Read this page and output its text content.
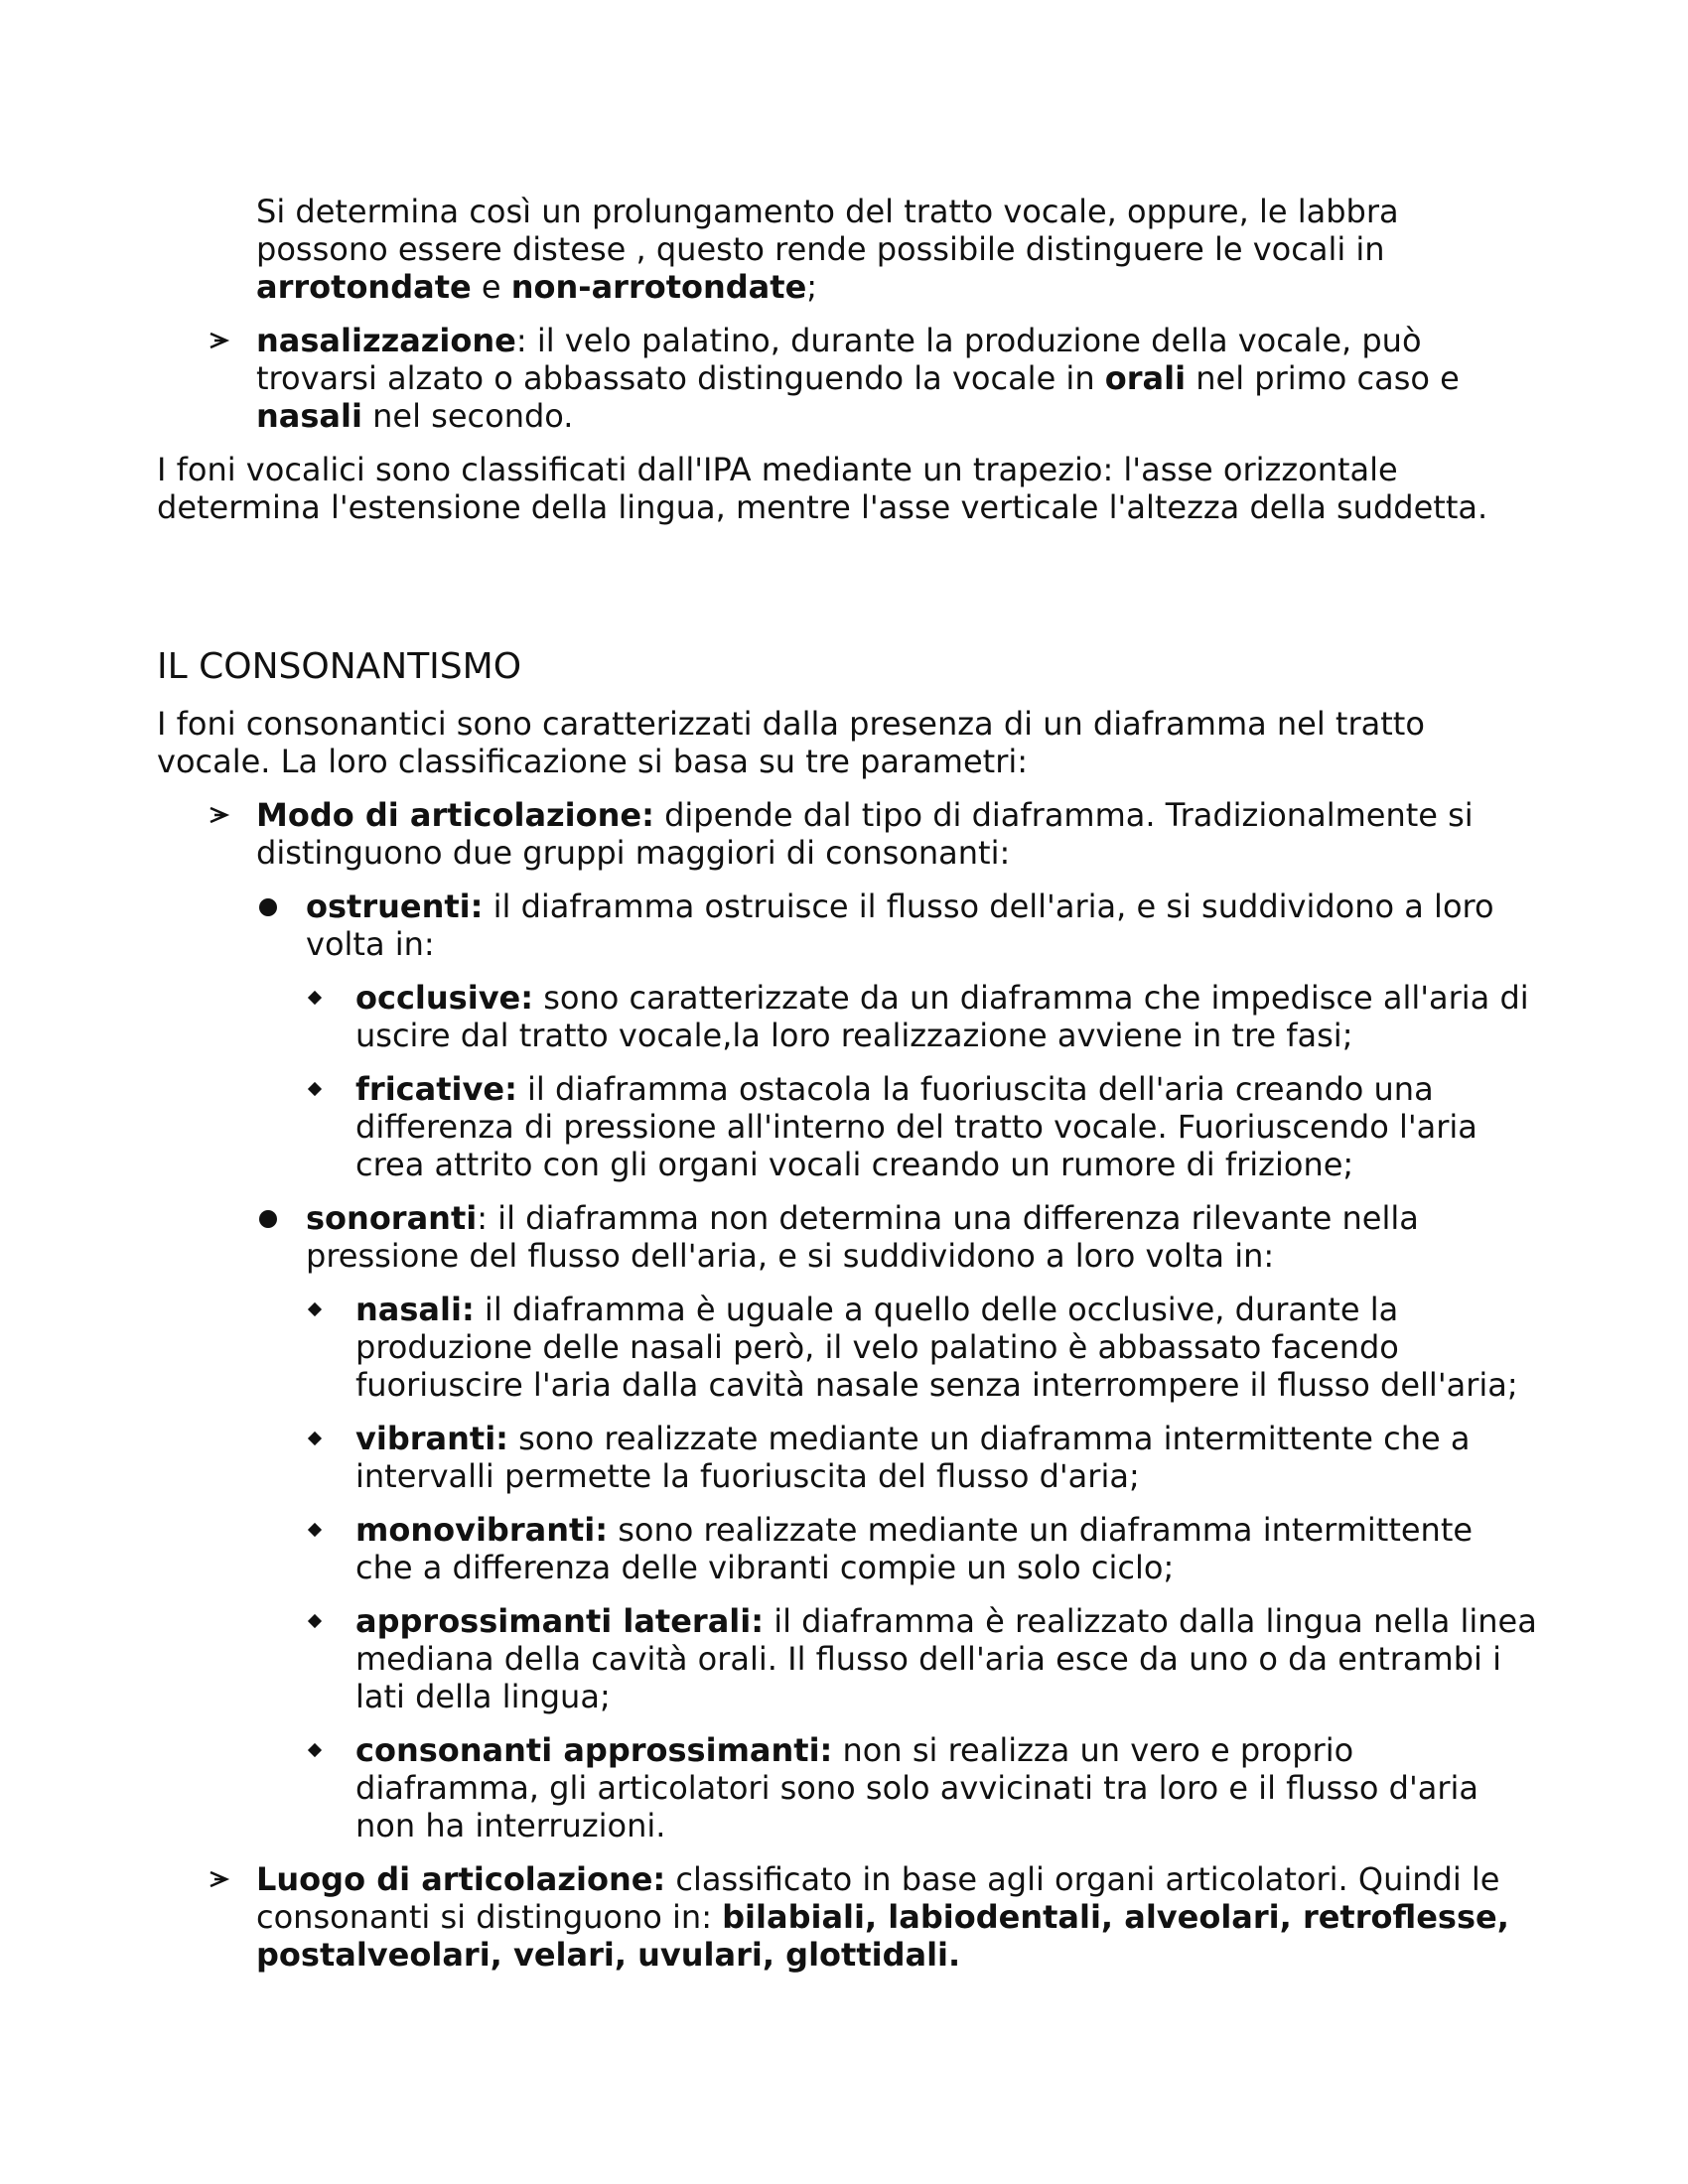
Si determina così un prolungamento del tratto vocale, oppure, le labbra possono essere distese , questo rende possibile distinguere le vocali in arrotondate e non-arrotondate;

nasalizzazione: il velo palatino, durante la produzione della vocale, può trovarsi alzato o abbassato distinguendo la vocale in orali nel primo caso e nasali nel secondo.

I foni vocalici sono classificati dall'IPA mediante un trapezio: l'asse orizzontale determina l'estensione della lingua, mentre l'asse verticale l'altezza della suddetta.

IL CONSONANTISMO

I foni consonantici sono caratterizzati dalla presenza di un diaframma nel tratto vocale. La loro classificazione si basa su tre parametri:

Modo di articolazione: dipende dal tipo di diaframma. Tradizionalmente si distinguono due gruppi maggiori di consonanti:

ostruenti: il diaframma ostruisce il flusso dell'aria, e si suddividono a loro volta in:

occlusive: sono caratterizzate da un diaframma che impedisce all'aria di uscire dal tratto vocale,la loro realizzazione avviene in tre fasi;

fricative: il diaframma ostacola la fuoriuscita dell'aria creando una differenza di pressione all'interno del tratto vocale. Fuoriuscendo l'aria crea attrito con gli organi vocali creando un rumore di frizione;

sonoranti: il diaframma non determina una differenza rilevante nella pressione del flusso dell'aria, e si suddividono a loro volta in:

nasali: il diaframma è uguale a quello delle occlusive, durante la produzione delle nasali però, il velo palatino è abbassato facendo fuoriuscire l'aria dalla cavità nasale senza interrompere il flusso dell'aria;

vibranti: sono realizzate mediante un diaframma intermittente che a intervalli permette la fuoriuscita del flusso d'aria;

monovibranti: sono realizzate mediante un diaframma intermittente che a differenza delle vibranti compie un solo ciclo;

approssimanti laterali: il diaframma è realizzato dalla lingua nella linea mediana della cavità orali. Il flusso dell'aria esce da uno o da entrambi i lati della lingua;

consonanti approssimanti: non si realizza un vero e proprio diaframma, gli articolatori sono solo avvicinati tra loro e il flusso d'aria non ha interruzioni.

Luogo di articolazione: classificato in base agli organi articolatori. Quindi le consonanti si distinguono in: bilabiali, labiodentali, alveolari, retroflesse, postalveolari, velari, uvulari, glottidali.
